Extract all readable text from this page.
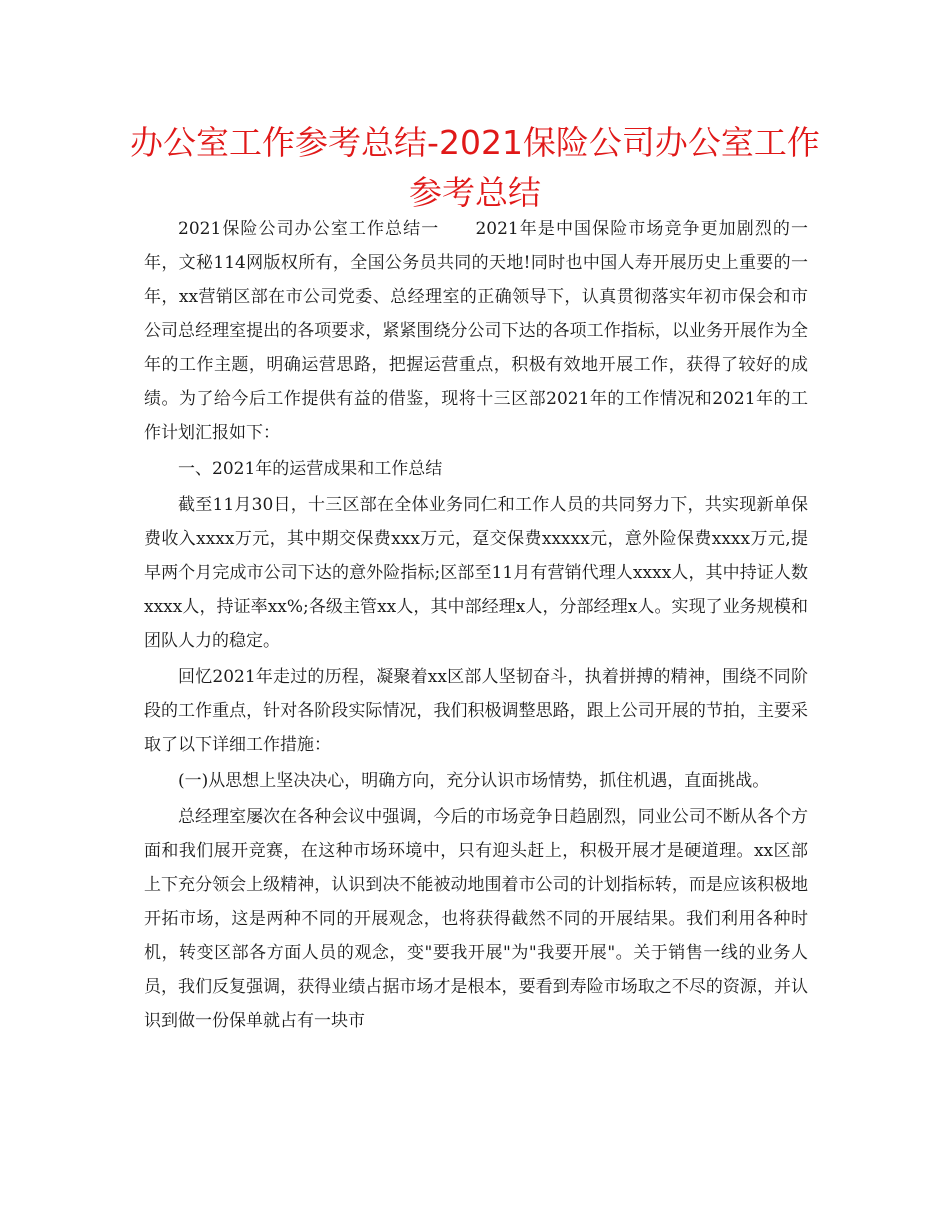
办公室工作参考总结-2021保险公司办公室工作参考总结

2021保险公司办公室工作总结一　　2021年是中国保险市场竞争更加剧烈的一年，文秘114网版权所有，全国公务员共同的天地!同时也中国人寿开展历史上重要的一年，xx营销区部在市公司党委、总经理室的正确领导下，认真贯彻落实年初市保会和市公司总经理室提出的各项要求，紧紧围绕分公司下达的各项工作指标，以业务开展作为全年的工作主题，明确运营思路，把握运营重点，积极有效地开展工作，获得了较好的成绩。为了给今后工作提供有益的借鉴，现将十三区部2021年的工作情况和2021年的工作计划汇报如下：

一、2021年的运营成果和工作总结

截至11月30日，十三区部在全体业务同仁和工作人员的共同努力下，共实现新单保费收入xxxx万元，其中期交保费xxx万元，趸交保费xxxxx元，意外险保费xxxx万元,提早两个月完成市公司下达的意外险指标;区部至11月有营销代理人xxxx人，其中持证人数xxxx人，持证率xx%;各级主管xx人，其中部经理x人，分部经理x人。实现了业务规模和团队人力的稳定。

回忆2021年走过的历程，凝聚着xx区部人坚韧奋斗，执着拼搏的精神，围绕不同阶段的工作重点，针对各阶段实际情况，我们积极调整思路，跟上公司开展的节拍，主要采取了以下详细工作措施：

(一)从思想上坚决决心，明确方向，充分认识市场情势，抓住机遇，直面挑战。

总经理室屡次在各种会议中强调，今后的市场竞争日趋剧烈，同业公司不断从各个方面和我们展开竞赛，在这种市场环境中，只有迎头赶上，积极开展才是硬道理。xx区部上下充分领会上级精神，认识到决不能被动地围着市公司的计划指标转，而是应该积极地开拓市场，这是两种不同的开展观念，也将获得截然不同的开展结果。我们利用各种时机，转变区部各方面人员的观念，变"要我开展"为"我要开展"。关于销售一线的业务人员，我们反复强调，获得业绩占据市场才是根本，要看到寿险市场取之不尽的资源，并认识到做一份保单就占有一块市
